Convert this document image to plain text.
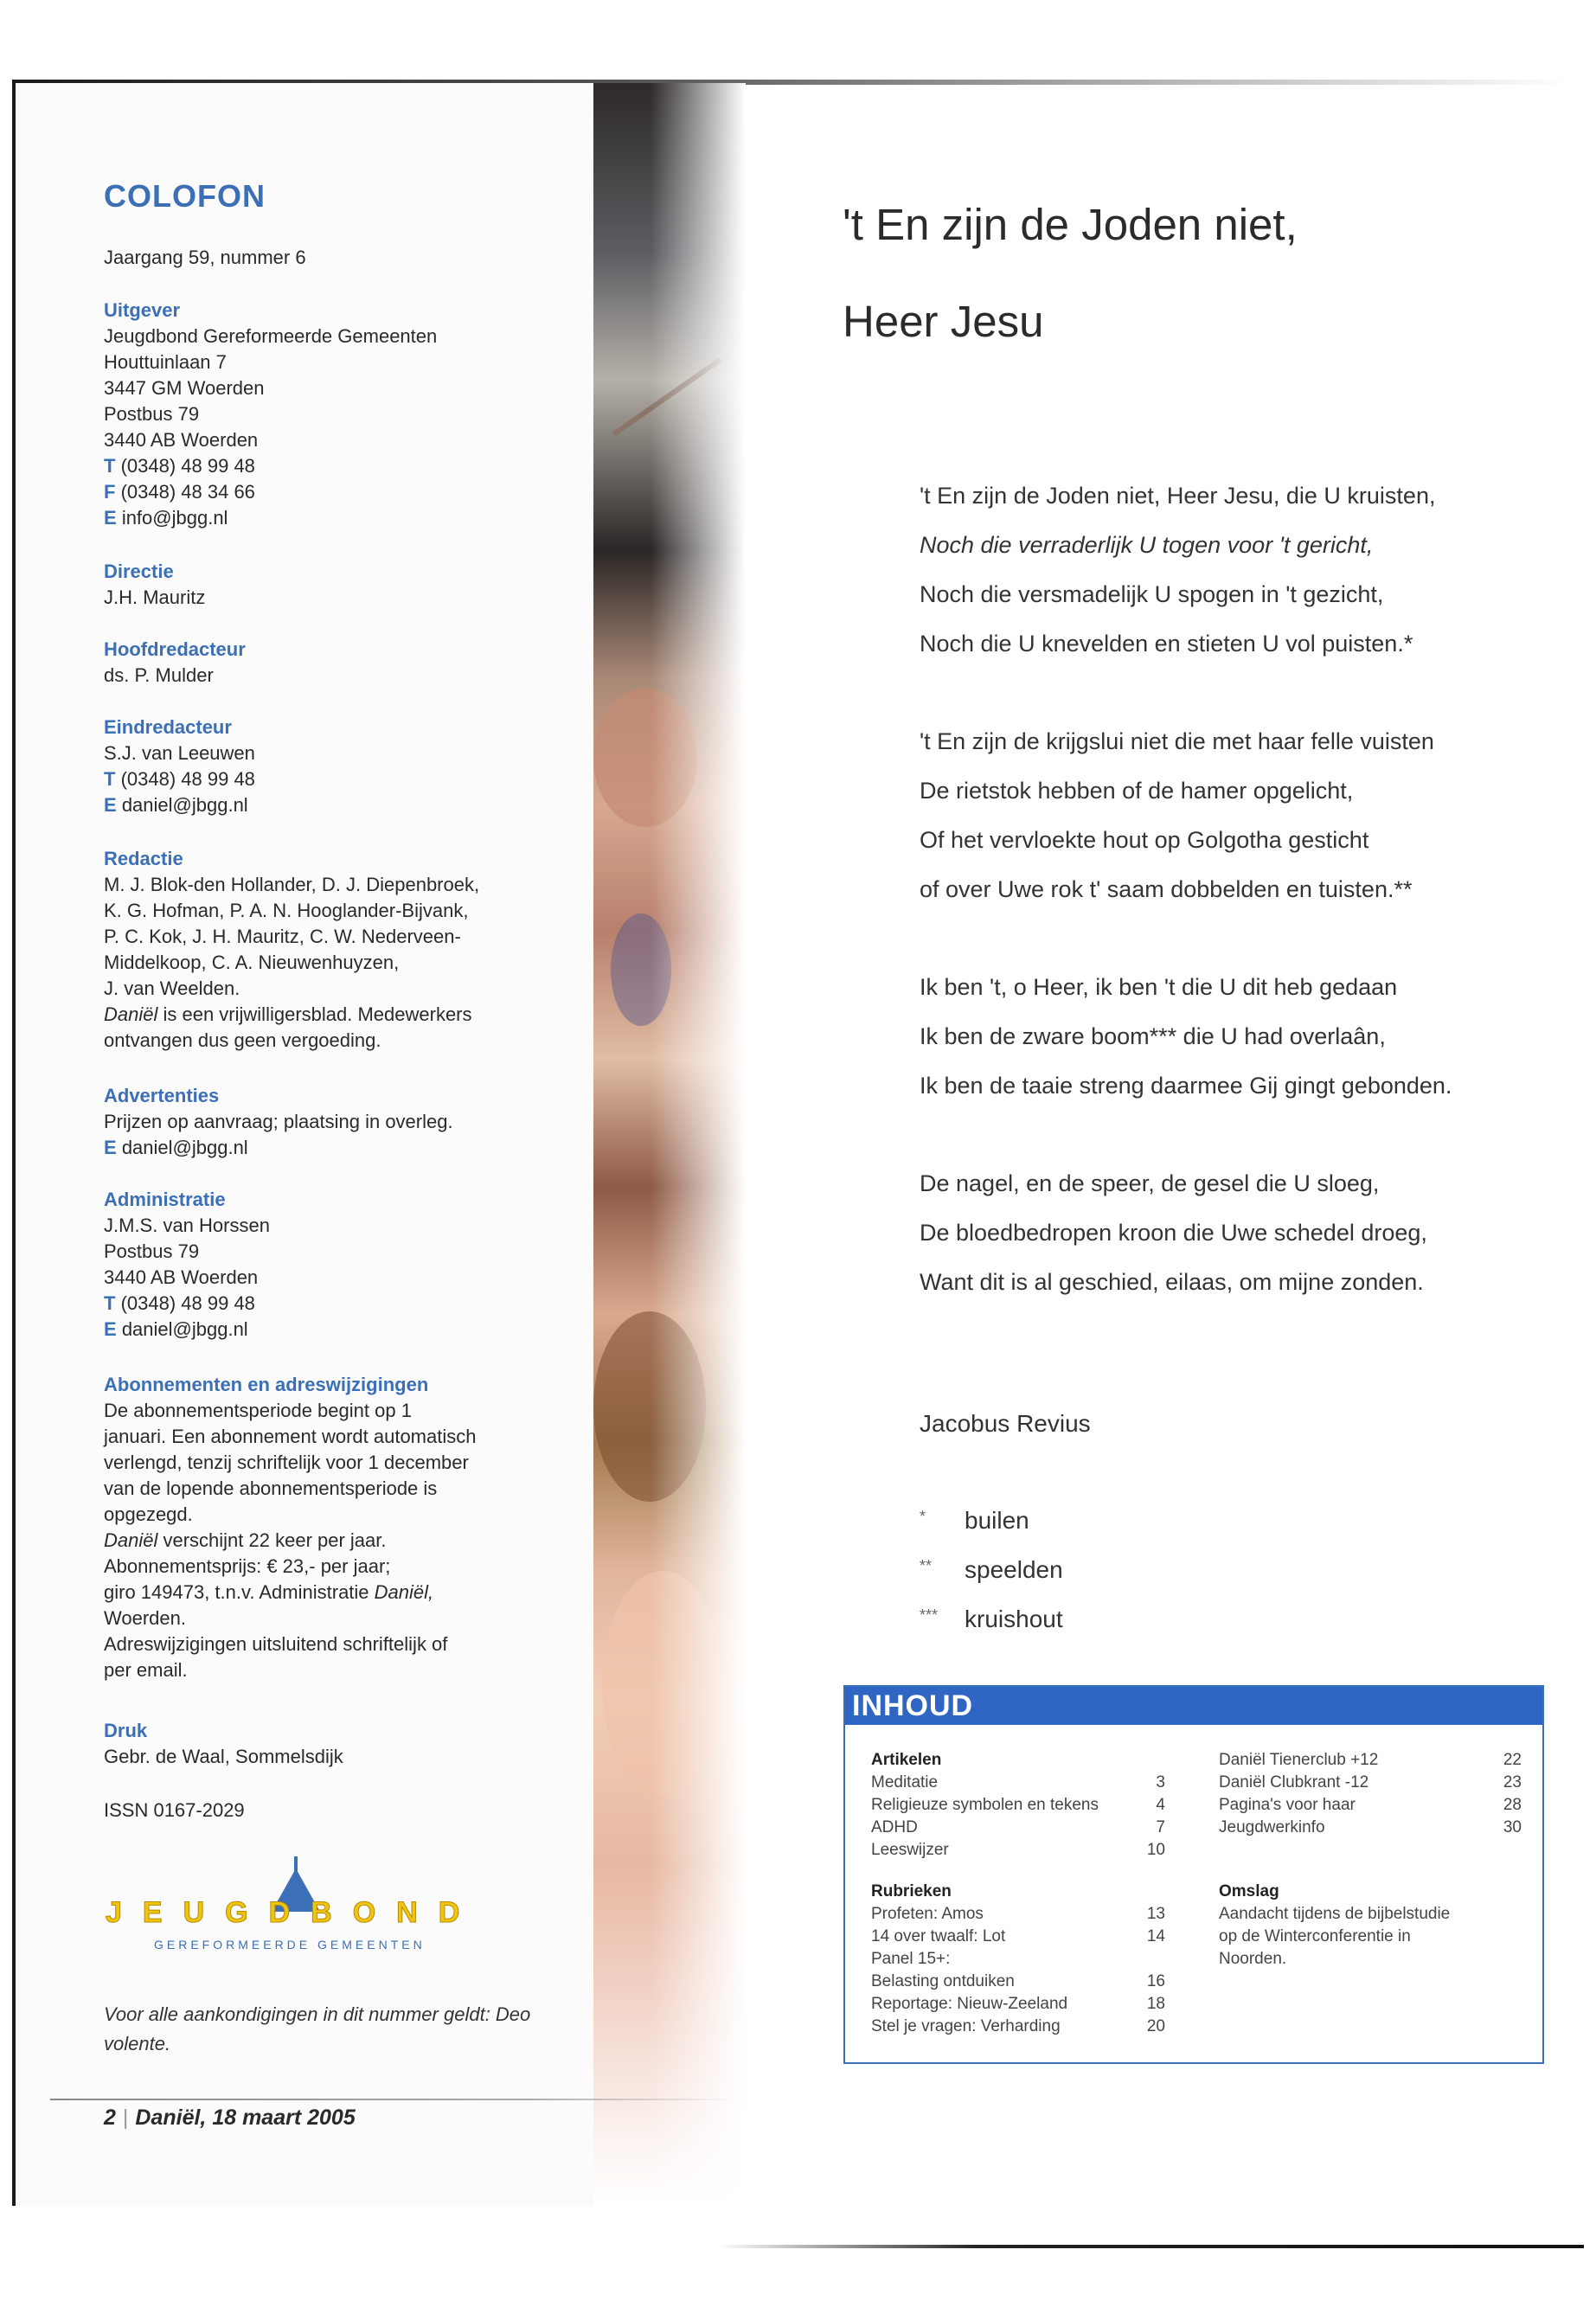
COLOFON
Jaargang 59, nummer 6
Uitgever
Jeugdbond Gereformeerde Gemeenten
Houttuinlaan 7
3447 GM Woerden
Postbus 79
3440 AB Woerden
T (0348) 48 99 48
F (0348) 48 34 66
E info@jbgg.nl
Directie
J.H. Mauritz
Hoofdredacteur
ds. P. Mulder
Eindredacteur
S.J. van Leeuwen
T (0348) 48 99 48
E daniel@jbgg.nl
Redactie
M. J. Blok-den Hollander, D. J. Diepenbroek,
K. G. Hofman, P. A. N. Hooglander-Bijvank,
P. C. Kok, J. H. Mauritz, C. W. Nederveen-
Middelkoop, C. A. Nieuwenhuyzen,
J. van Weelden.
Daniël is een vrijwilligersblad. Medewerkers
ontvangen dus geen vergoeding.
Advertenties
Prijzen op aanvraag; plaatsing in overleg.
E daniel@jbgg.nl
Administratie
J.M.S. van Horssen
Postbus 79
3440 AB Woerden
T (0348) 48 99 48
E daniel@jbgg.nl
Abonnementen en adreswijzigingen
De abonnementsperiode begint op 1
januari. Een abonnement wordt automatisch
verlengd, tenzij schriftelijk voor 1 december
van de lopende abonnementsperiode is
opgezegd.
Daniël verschijnt 22 keer per jaar.
Abonnementsprijs: € 23,- per jaar;
giro 149473, t.n.v. Administratie Daniël,
Woerden.
Adreswijzigingen uitsluitend schriftelijk of
per email.
Druk
Gebr. de Waal, Sommelsdijk
ISSN 0167-2029
JEUGDBOND
GEREFORMEERDE GEMEENTEN
Voor alle aankondigingen in dit nummer geldt: Deo volente.
2 | Daniël, 18 maart 2005
't En zijn de Joden niet,
Heer Jesu
't En zijn de Joden niet, Heer Jesu, die U kruisten,
Noch die verraderlijk U togen voor 't gericht,
Noch die versmadelijk U spogen in 't gezicht,
Noch die U knevelden en stieten U vol puisten.*
't En zijn de krijgslui niet die met haar felle vuisten
De rietstok hebben of de hamer opgelicht,
Of het vervloekte hout op Golgotha gesticht
of over Uwe rok t' saam dobbelden en tuisten.**
Ik ben 't, o Heer, ik ben 't die U dit heb gedaan
Ik ben de zware boom*** die U had overlaân,
Ik ben de taaie streng daarmee Gij gingt gebonden.
De nagel, en de speer, de gesel die U sloeg,
De bloedbedropen kroon die Uwe schedel droeg,
Want dit is al geschied, eilaas, om mijne zonden.
Jacobus Revius
* builen
** speelden
*** kruishout
INHOUD
Artikelen
Meditatie	3
Religieuze symbolen en tekens	4
ADHD	7
Leeswijzer	10
Rubrieken
Profeten: Amos	13
14 over twaalf: Lot	14
Panel 15+:
Belasting ontduiken	16
Reportage: Nieuw-Zeeland	18
Stel je vragen: Verharding	20
Daniël Tienerclub +12	22
Daniël Clubkrant -12	23
Pagina's voor haar	28
Jeugdwerkinfo	30
Omslag
Aandacht tijdens de bijbelstudie
op de Winterconferentie in
Noorden.
